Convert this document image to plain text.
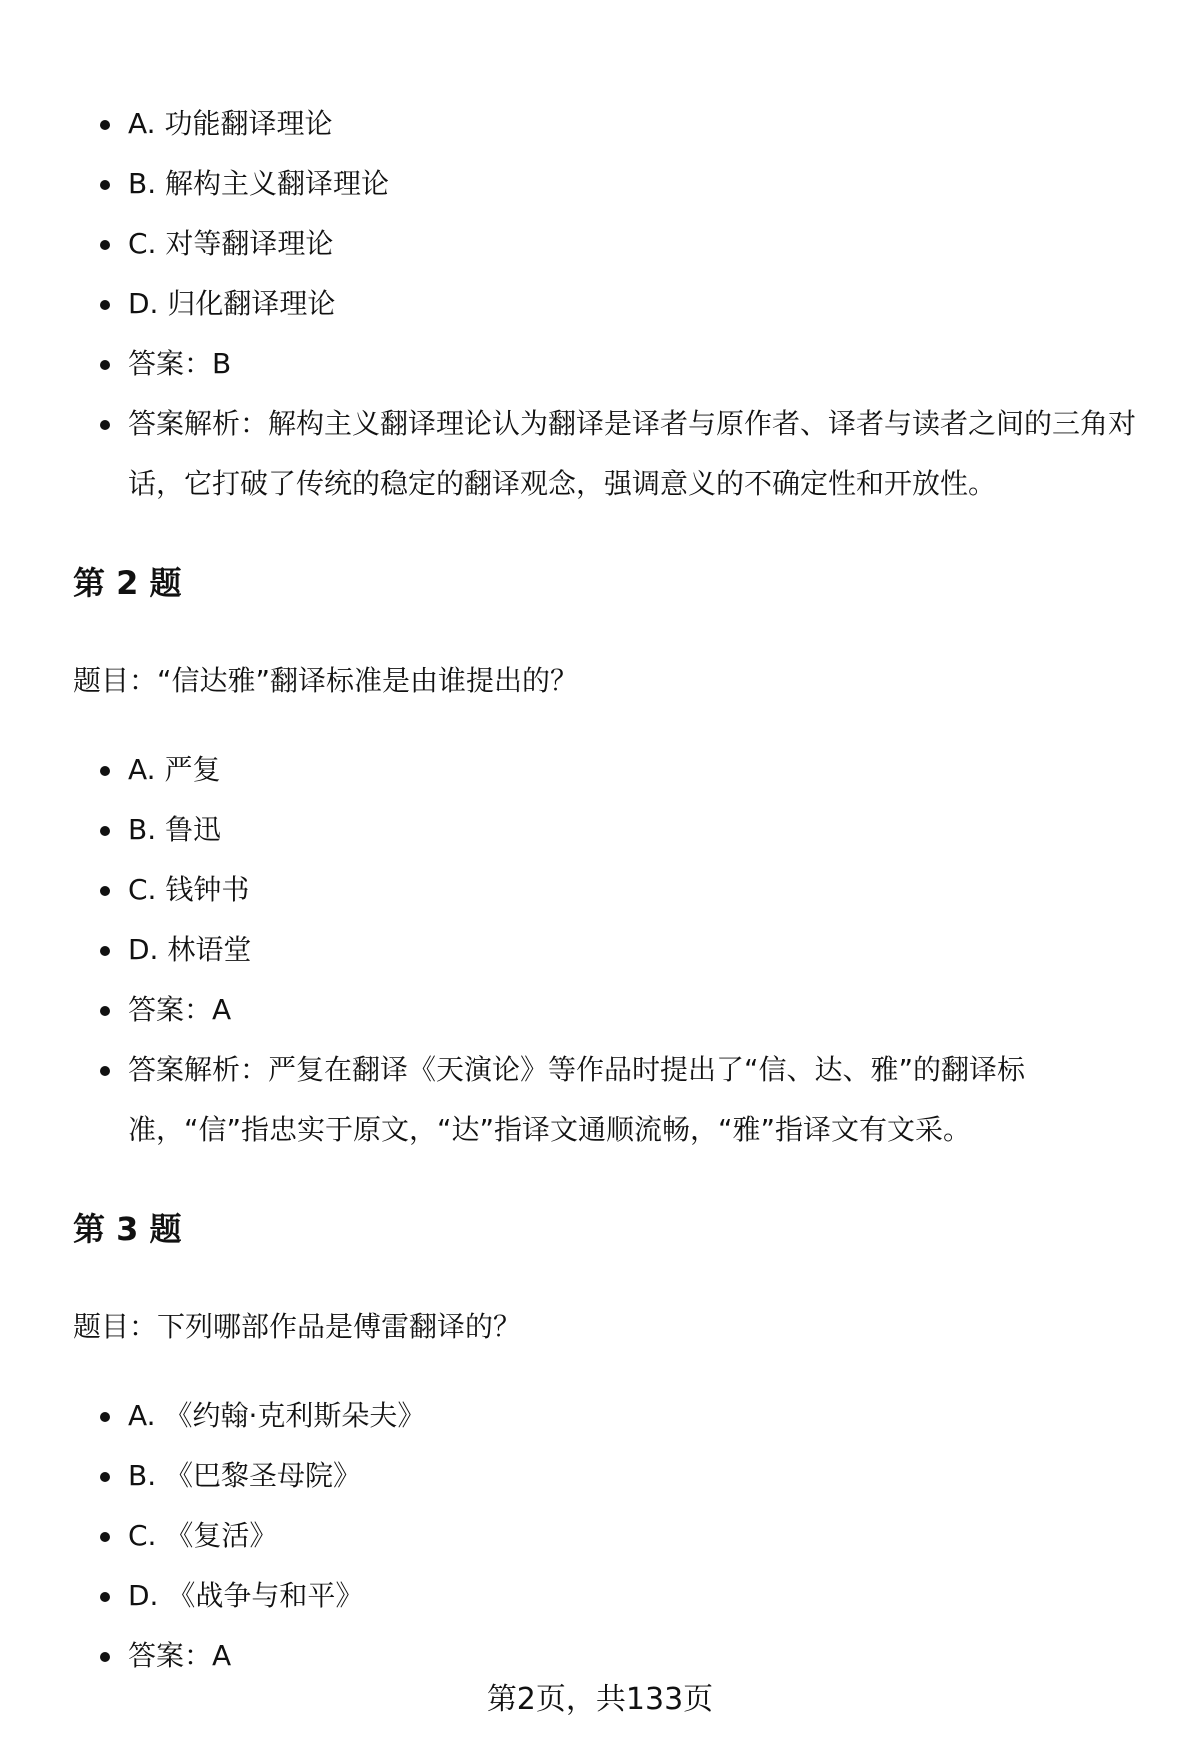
A. 功能翻译理论
B. 解构主义翻译理论
C. 对等翻译理论
D. 归化翻译理论
答案：B
答案解析：解构主义翻译理论认为翻译是译者与原作者、译者与读者之间的三角对话，它打破了传统的稳定的翻译观念，强调意义的不确定性和开放性。
第 2 题

题目：“信达雅”翻译标准是由谁提出的？

A. 严复
B. 鲁迅
C. 钱钟书
D. 林语堂
答案：A
答案解析：严复在翻译《天演论》等作品时提出了“信、达、雅”的翻译标准，“信”指忠实于原文，“达”指译文通顺流畅，“雅”指译文有文采。
第 3 题

题目：下列哪部作品是傅雷翻译的？

A. 《约翰·克利斯朵夫》
B. 《巴黎圣母院》
C. 《复活》
D. 《战争与和平》
答案：A
第2页，共133页
